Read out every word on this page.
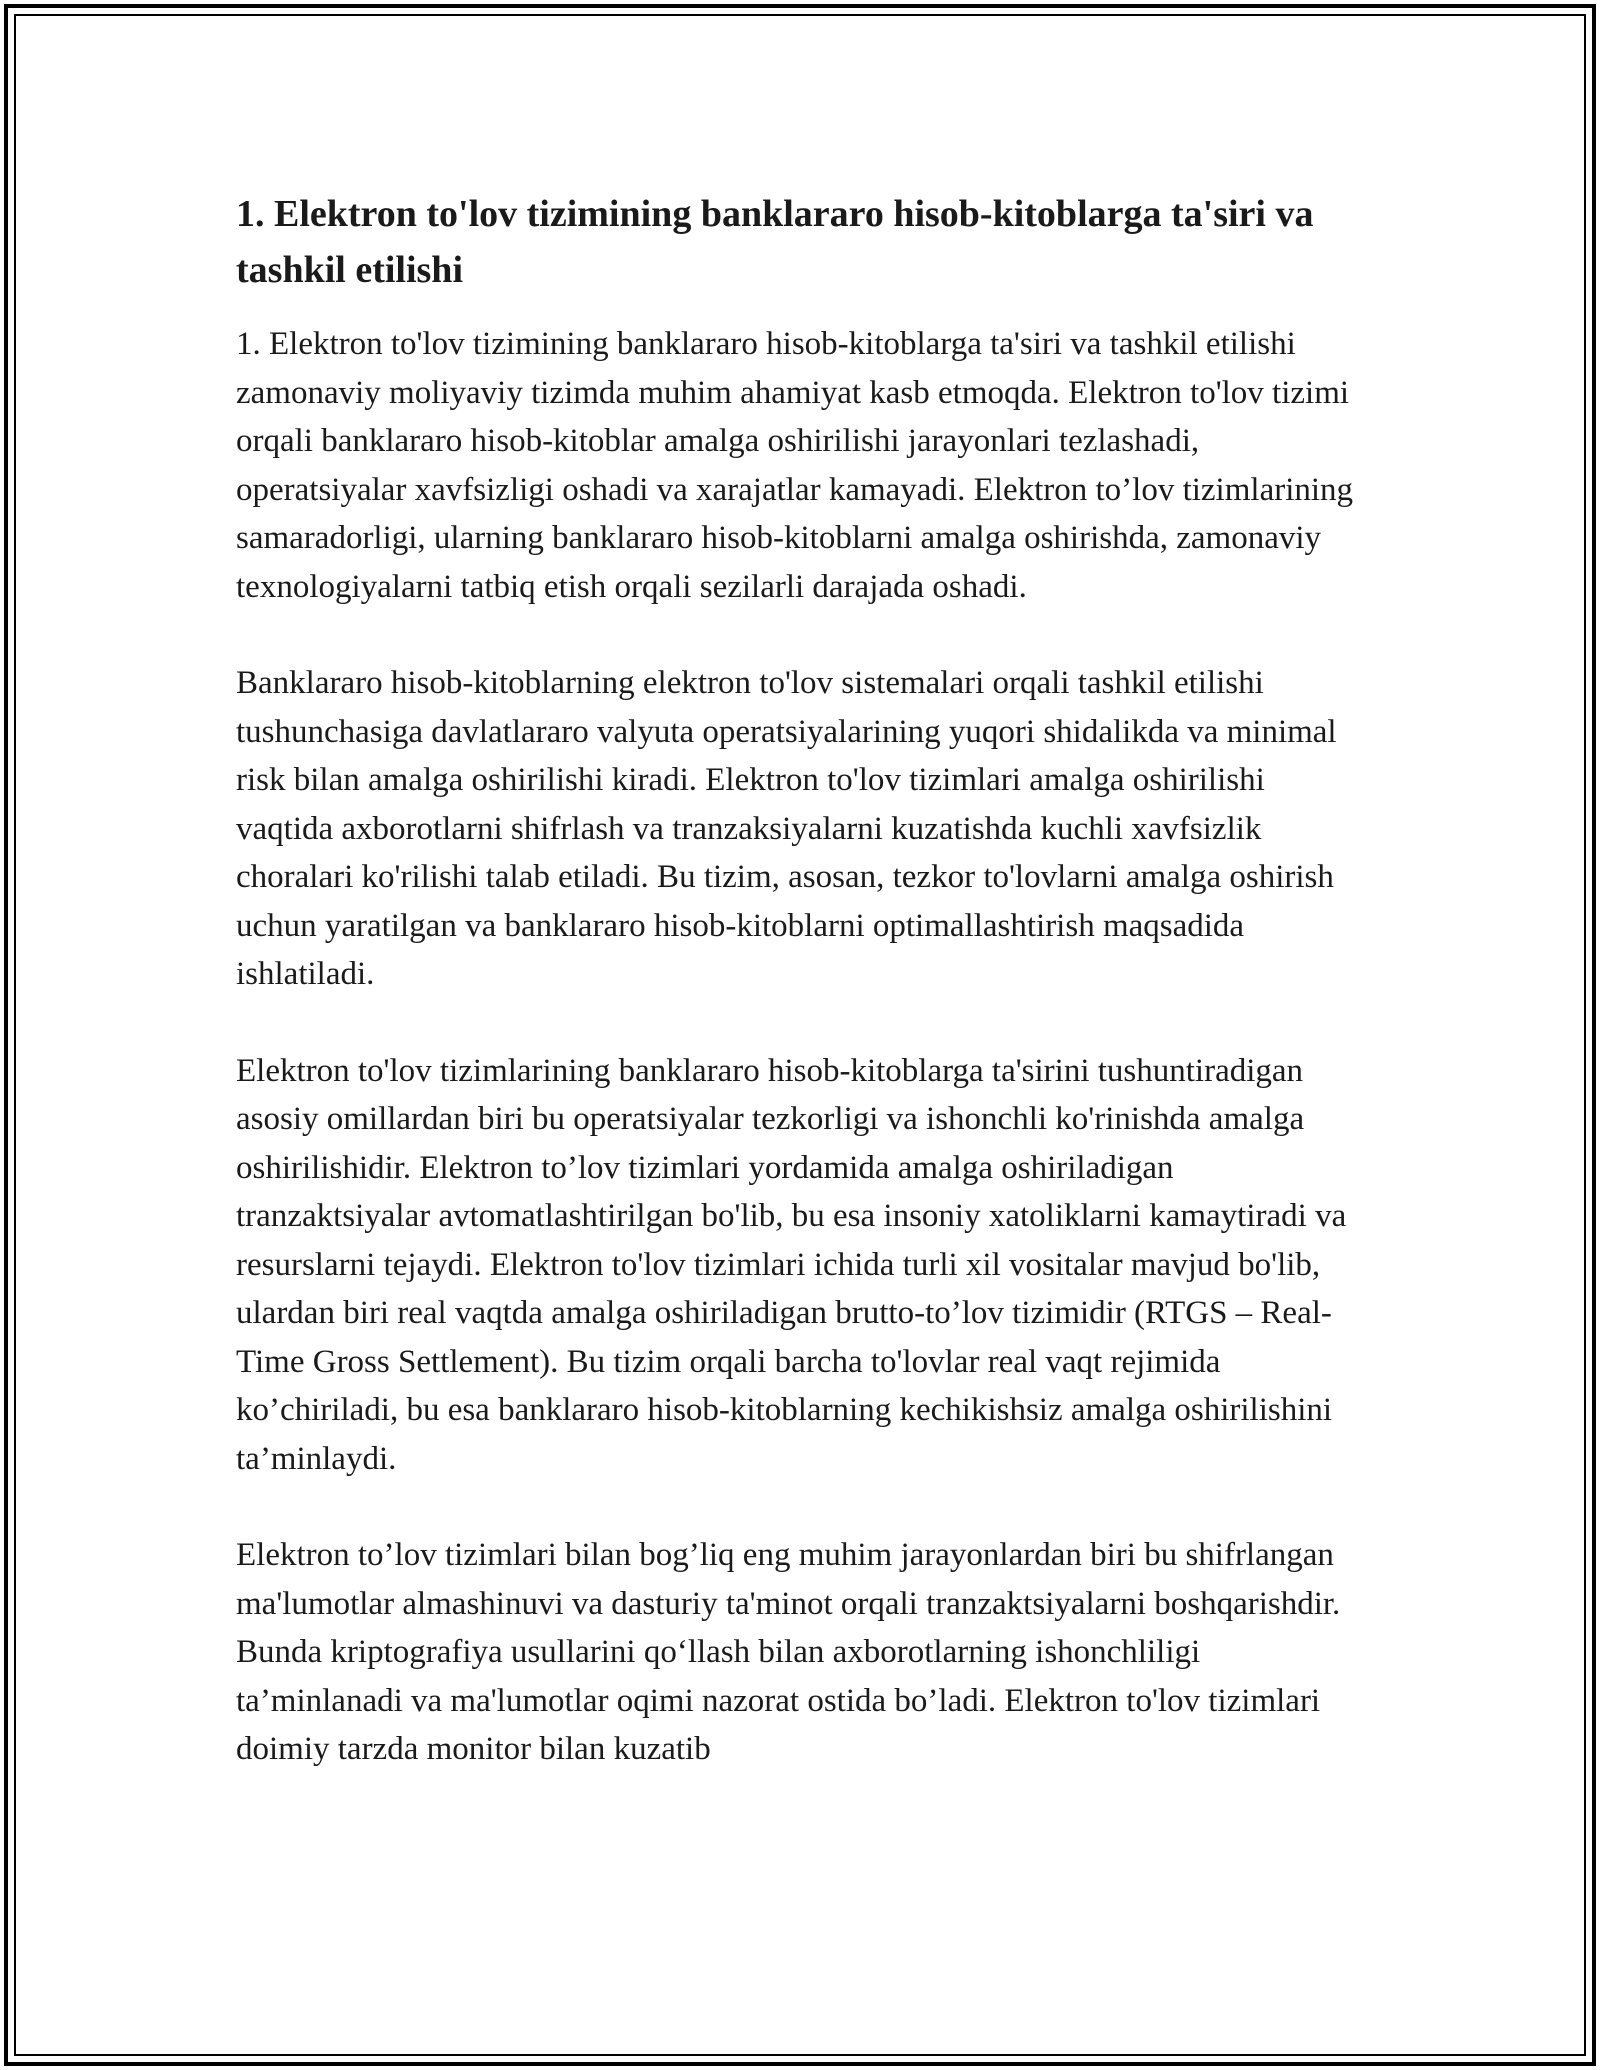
1. Elektron to'lov tizimining banklararo hisob-kitoblarga ta'siri va tashkil etilishi

1. Elektron to'lov tizimining banklararo hisob-kitoblarga ta'siri va tashkil etilishi zamonaviy moliyaviy tizimda muhim ahamiyat kasb etmoqda. Elektron to'lov tizimi orqali banklararo hisob-kitoblar amalga oshirilishi jarayonlari tezlashadi, operatsiyalar xavfsizligi oshadi va xarajatlar kamayadi. Elektron to’lov tizimlarining samaradorligi, ularning banklararo hisob-kitoblarni amalga oshirishda, zamonaviy texnologiyalarni tatbiq etish orqali sezilarli darajada oshadi.

Banklararo hisob-kitoblarning elektron to'lov sistemalari orqali tashkil etilishi tushunchasiga davlatlararo valyuta operatsiyalarining yuqori shidalikda va minimal risk bilan amalga oshirilishi kiradi. Elektron to'lov tizimlari amalga oshirilishi vaqtida axborotlarni shifrlash va tranzaksiyalarni kuzatishda kuchli xavfsizlik choralari ko'rilishi talab etiladi. Bu tizim, asosan, tezkor to'lovlarni amalga oshirish uchun yaratilgan va banklararo hisob-kitoblarni optimallashtirish maqsadida ishlatiladi.

Elektron to'lov tizimlarining banklararo hisob-kitoblarga ta'sirini tushuntiradigan asosiy omillardan biri bu operatsiyalar tezkorligi va ishonchli ko'rinishda amalga oshirilishidir. Elektron to’lov tizimlari yordamida amalga oshiriladigan tranzaktsiyalar avtomatlashtirilgan bo'lib, bu esa insoniy xatoliklarni kamaytiradi va resurslarni tejaydi. Elektron to'lov tizimlari ichida turli xil vositalar mavjud bo'lib, ulardan biri real vaqtda amalga oshiriladigan brutto-to’lov tizimidir (RTGS – Real-Time Gross Settlement). Bu tizim orqali barcha to'lovlar real vaqt rejimida ko’chiriladi, bu esa banklararo hisob-kitoblarning kechikishsiz amalga oshirilishini ta’minlaydi.

Elektron to’lov tizimlari bilan bog’liq eng muhim jarayonlardan biri bu shifrlangan ma'lumotlar almashinuvi va dasturiy ta'minot orqali tranzaktsiyalarni boshqarishdir. Bunda kriptografiya usullarini qo‘llash bilan axborotlarning ishonchliligi ta’minlanadi va ma'lumotlar oqimi nazorat ostida bo’ladi. Elektron to'lov tizimlari doimiy tarzda monitor bilan kuzatib
